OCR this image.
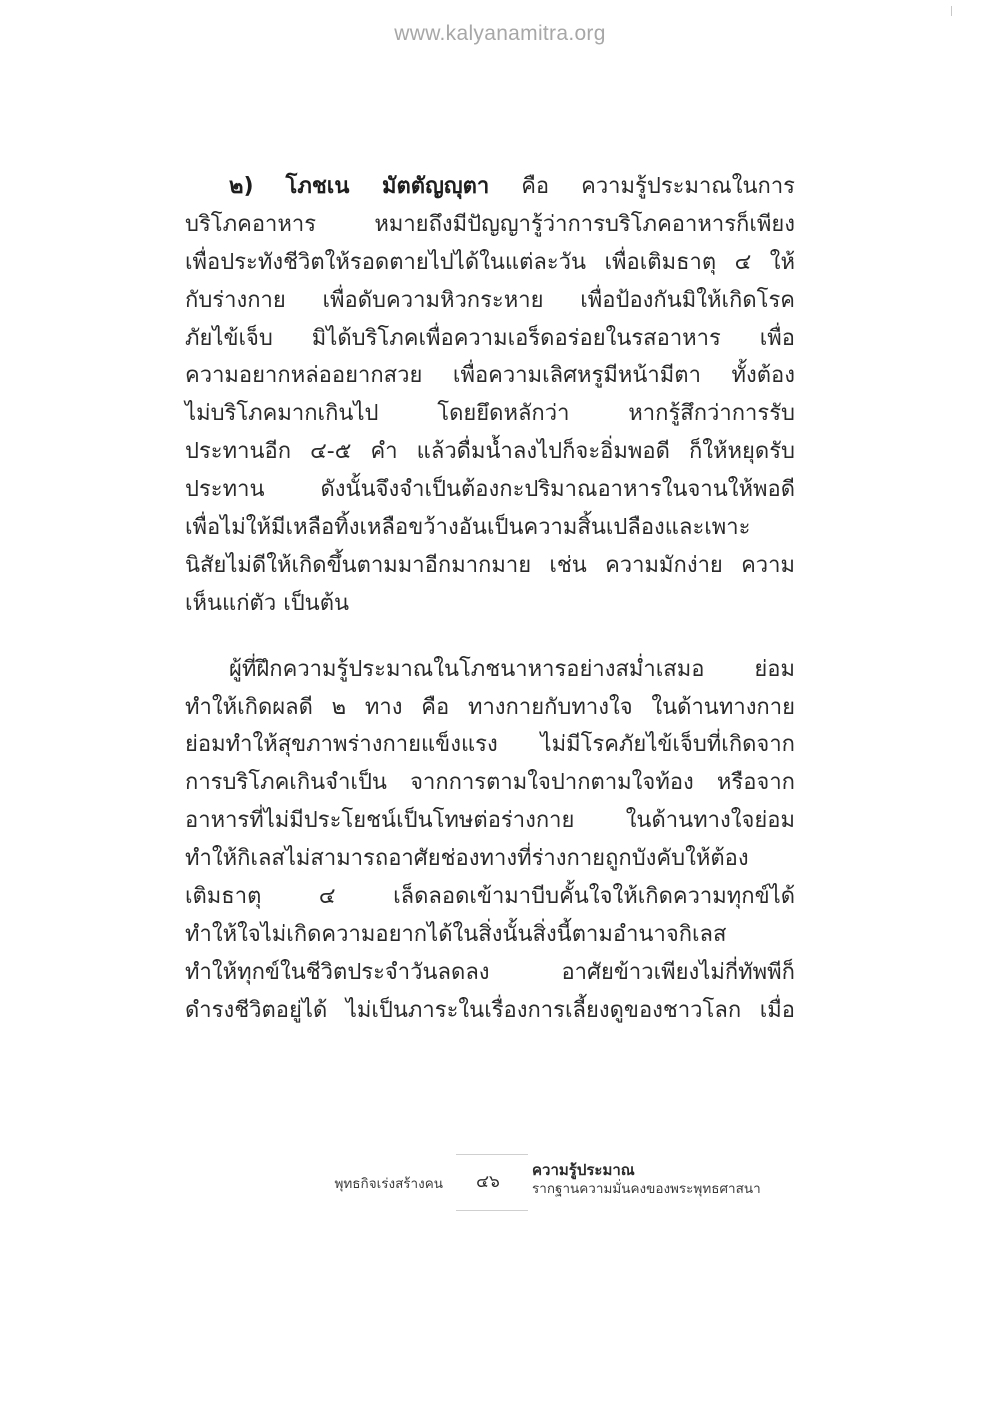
www.kalyanamitra.org
๒) โภชเน มัตตัญญุตา คือ ความรู้ประมาณในการ
บริโภคอาหาร หมายถึงมีปัญญารู้ว่าการบริโภคอาหารก็เพียง
เพื่อประทังชีวิตให้รอดตายไปได้ในแต่ละวัน เพื่อเติมธาตุ ๔ ให้
กับร่างกาย เพื่อดับความหิวกระหาย เพื่อป้องกันมิให้เกิดโรค
ภัยไข้เจ็บ มิได้บริโภคเพื่อความเอร็ดอร่อยในรสอาหาร เพื่อ
ความอยากหล่ออยากสวย เพื่อความเลิศหรูมีหน้ามีตา ทั้งต้อง
ไม่บริโภคมากเกินไป โดยยึดหลักว่า หากรู้สึกว่าการรับ
ประทานอีก ๔-๕ คำ แล้วดื่มน้ำลงไปก็จะอิ่มพอดี ก็ให้หยุดรับ
ประทาน ดังนั้นจึงจำเป็นต้องกะปริมาณอาหารในจานให้พอดี
เพื่อไม่ให้มีเหลือทิ้งเหลือขว้างอันเป็นความสิ้นเปลืองและเพาะ
นิสัยไม่ดีให้เกิดขึ้นตามมาอีกมากมาย เช่น ความมักง่าย ความ
เห็นแก่ตัว เป็นต้น
ผู้ที่ฝึกความรู้ประมาณในโภชนาหารอย่างสม่ำเสมอ ย่อม
ทำให้เกิดผลดี ๒ ทาง คือ ทางกายกับทางใจ ในด้านทางกาย
ย่อมทำให้สุขภาพร่างกายแข็งแรง ไม่มีโรคภัยไข้เจ็บที่เกิดจาก
การบริโภคเกินจำเป็น จากการตามใจปากตามใจท้อง หรือจาก
อาหารที่ไม่มีประโยชน์เป็นโทษต่อร่างกาย ในด้านทางใจย่อม
ทำให้กิเลสไม่สามารถอาศัยช่องทางที่ร่างกายถูกบังคับให้ต้อง
เติมธาตุ ๔ เล็ดลอดเข้ามาบีบคั้นใจให้เกิดความทุกข์ได้
ทำให้ใจไม่เกิดความอยากได้ในสิ่งนั้นสิ่งนี้ตามอำนาจกิเลส
ทำให้ทุกข์ในชีวิตประจำวันลดลง อาศัยข้าวเพียงไม่กี่ทัพพีก็
ดำรงชีวิตอยู่ได้ ไม่เป็นภาระในเรื่องการเลี้ยงดูของชาวโลก เมื่อ
พุทธกิจเร่งสร้างคน	๔๖
ความรู้ประมาณ
รากฐานความมั่นคงของพระพุทธศาสนา
